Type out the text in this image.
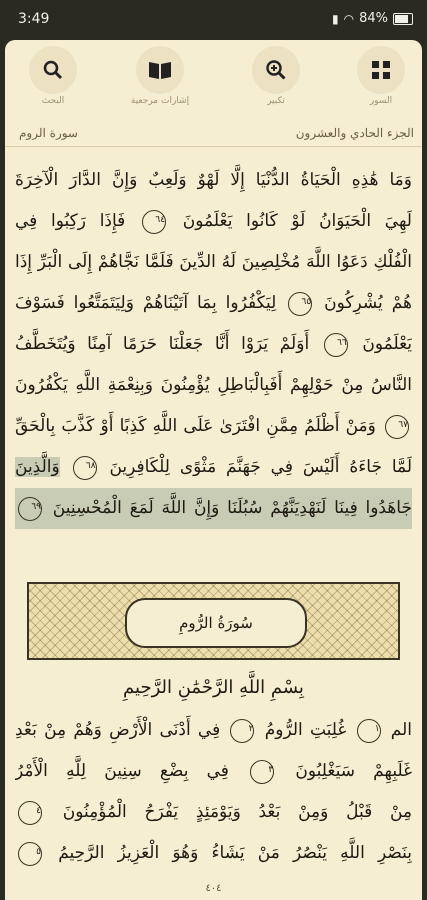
3:49	▮ ◠ 84%
البحث	إشارات مرجعية	تكبير	السور
الجزء الحادي والعشرون
سورة الروم
وَمَا هَٰذِهِ الْحَيَاةُ الدُّنْيَا إِلَّا لَهْوٌ وَلَعِبٌ وَإِنَّ الدَّارَ الْآخِرَةَ
لَهِيَ الْحَيَوَانُ لَوْ كَانُوا يَعْلَمُونَ ٦٤ فَإِذَا رَكِبُوا فِي
الْفُلْكِ دَعَوُا اللَّهَ مُخْلِصِينَ لَهُ الدِّينَ فَلَمَّا نَجَّاهُمْ إِلَى الْبَرِّ إِذَا
هُمْ يُشْرِكُونَ ٦٥ لِيَكْفُرُوا بِمَا آتَيْنَاهُمْ وَلِيَتَمَتَّعُوا فَسَوْفَ
يَعْلَمُونَ ٦٦ أَوَلَمْ يَرَوْا أَنَّا جَعَلْنَا حَرَمًا آمِنًا وَيُتَخَطَّفُ
النَّاسُ مِنْ حَوْلِهِمْ أَفَبِالْبَاطِلِ يُؤْمِنُونَ وَبِنِعْمَةِ اللَّهِ يَكْفُرُونَ
٦٧ وَمَنْ أَظْلَمُ مِمَّنِ افْتَرَىٰ عَلَى اللَّهِ كَذِبًا أَوْ كَذَّبَ بِالْحَقِّ
لَمَّا جَاءَهُ أَلَيْسَ فِي جَهَنَّمَ مَثْوًى لِلْكَافِرِينَ ٦٨ وَالَّذِينَ
جَاهَدُوا فِينَا لَنَهْدِيَنَّهُمْ سُبُلَنَا وَإِنَّ اللَّهَ لَمَعَ الْمُحْسِنِينَ ٦٩
سُورَةُ الرُّومِ
بِسْمِ اللَّهِ الرَّحْمَٰنِ الرَّحِيمِ
الم ١ غُلِبَتِ الرُّومُ ٢ فِي أَدْنَى الْأَرْضِ وَهُمْ مِنْ بَعْدِ
غَلَبِهِمْ سَيَغْلِبُونَ ٣ فِي بِضْعِ سِنِينَ لِلَّهِ الْأَمْرُ
مِنْ قَبْلُ وَمِنْ بَعْدُ وَيَوْمَئِذٍ يَفْرَحُ الْمُؤْمِنُونَ ٤
بِنَصْرِ اللَّهِ يَنْصُرُ مَنْ يَشَاءُ وَهُوَ الْعَزِيزُ الرَّحِيمُ ٥
٤٠٤
